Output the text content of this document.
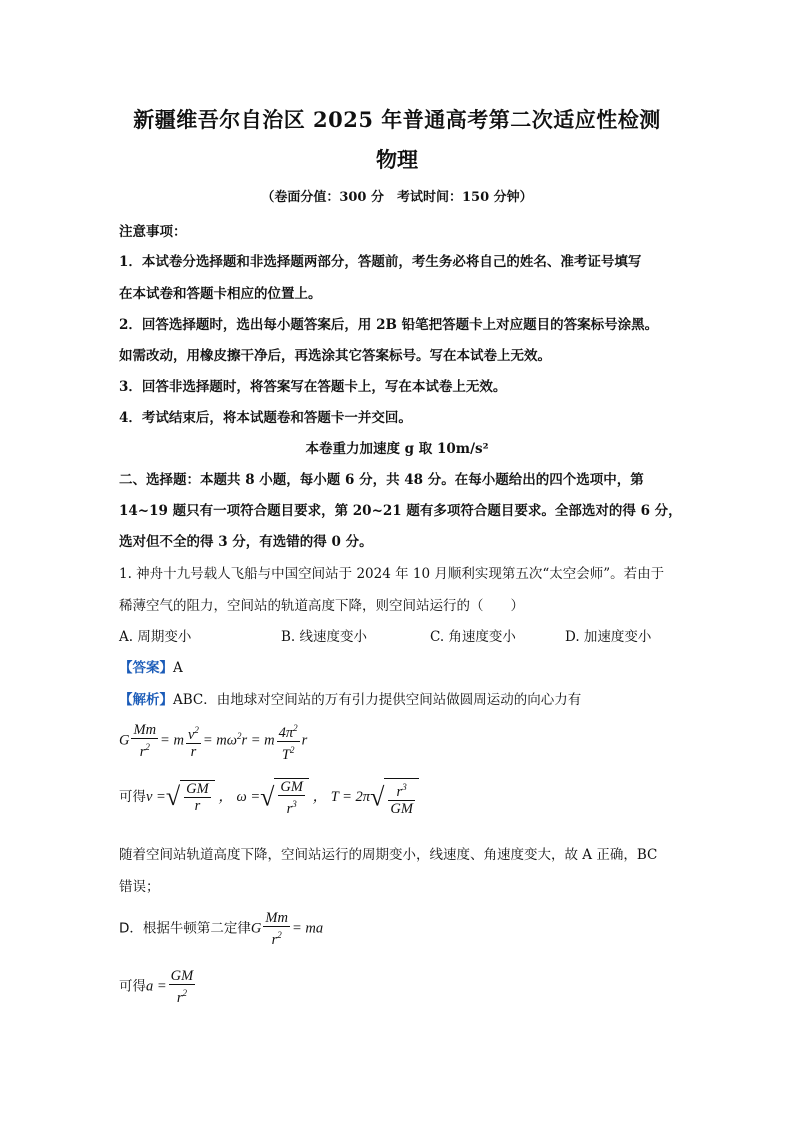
新疆维吾尔自治区 2025 年普通高考第二次适应性检测
物理
（卷面分值：300 分　考试时间：150 分钟）
注意事项：
1．本试卷分选择题和非选择题两部分，答题前，考生务必将自己的姓名、准考证号填写
在本试卷和答题卡相应的位置上。
2．回答选择题时，选出每小题答案后，用 2B 铅笔把答题卡上对应题目的答案标号涂黑。
如需改动，用橡皮擦干净后，再选涂其它答案标号。写在本试卷上无效。
3．回答非选择题时，将答案写在答题卡上，写在本试卷上无效。
4．考试结束后，将本试题卷和答题卡一并交回。
本卷重力加速度 g 取 10m/s²
二、选择题：本题共 8 小题，每小题 6 分，共 48 分。在每小题给出的四个选项中，第
14~19 题只有一项符合题目要求，第 20~21 题有多项符合题目要求。全部选对的得 6 分，
选对但不全的得 3 分，有选错的得 0 分。
1. 神舟十九号载人飞船与中国空间站于 2024 年 10 月顺利实现第五次“太空会师”。若由于
稀薄空气的阻力，空间站的轨道高度下降，则空间站运行的（　　）
A. 周期变小	B. 线速度变小	C. 角速度变小	D. 加速度变小
【答案】A
【解析】ABC．由地球对空间站的万有引力提供空间站做圆周运动的向心力有
G $\frac{Mm}{r^2} = m \frac{v^2}{r} = m\omega^2r = m \frac{4\pi^2}{T^2}$ r
可得v =√ $\frac{GM}{r}$ ， ω =√ $\frac{GM}{r^3}$ ， $T = 2\pi√ \frac{r^3}{GM}$
随着空间站轨道高度下降，空间站运行的周期变小，线速度、角速度变大，故 A 正确，BC
错误；
D．根据牛顿第二定律G $\frac{Mm}{r^2}$ = ma
可得$a = \frac{GM}{r^2}$
